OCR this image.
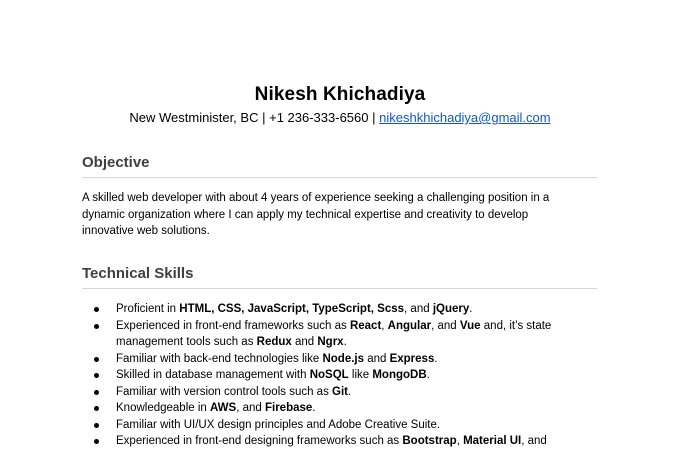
Nikesh Khichadiya
New Westminister, BC | +1 236-333-6560 | nikeshkhichadiya@gmail.com
Objective
A skilled web developer with about 4 years of experience seeking a challenging position in a dynamic organization where I can apply my technical expertise and creativity to develop innovative web solutions.
Technical Skills
Proficient in HTML, CSS, JavaScript, TypeScript, Scss, and jQuery.
Experienced in front-end frameworks such as React, Angular, and Vue and, it’s state management tools such as Redux and Ngrx.
Familiar with back-end technologies like Node.js and Express.
Skilled in database management with NoSQL like MongoDB.
Familiar with version control tools such as Git.
Knowledgeable in AWS, and Firebase.
Familiar with UI/UX design principles and Adobe Creative Suite.
Experienced in front-end designing frameworks such as Bootstrap, Material UI, and
